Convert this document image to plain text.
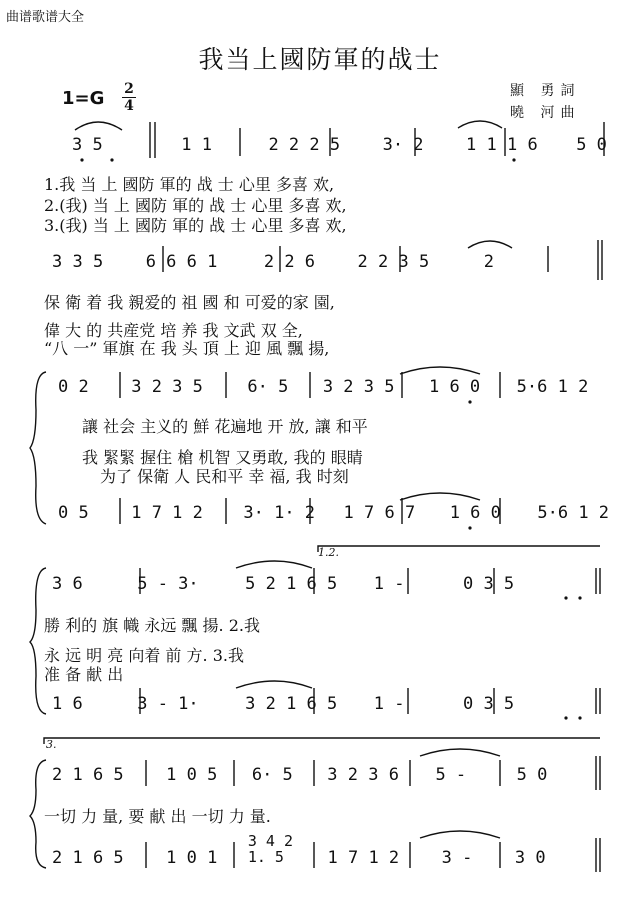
曲谱歌谱大全
我当上國防軍的战士
1=G 2
4
顯 勇詞
曉 河曲
3 5	1 1	2 2 2 5	3· 2	1 1 1 6 5 0
1.我 当 上 國防 軍的 战 士 心里 多喜 欢,
2.(我) 当 上 國防 軍的 战 士 心里 多喜 欢,
3.(我) 当 上 國防 軍的 战 士 心里 多喜 欢,
3 3 5	6 6 6 1	2 2 6	2 2 3 5	2
保 衛 着 我 親爱的 祖 國 和 可爱的家 園,
偉 大 的 共産党 培 养 我 文武 双 全,
“八 一” 軍旗 在 我 头 頂 上 迎 風 飄 揚,
0 2	3 2 3 5	6· 5 3 2 3 5 1 6 0 5·6 1 2
讓 社会 主义的 鮮 花遍地 开 放, 讓 和平
我 緊緊 握住 槍 机智 又勇敢, 我的 眼睛
为了 保衛 人 民和平 幸 福, 我 时刻
0 5	1 7 1 2 3· 1· 2 1 7 6 7 1 6 0 5·6 1 2
1.2.
3 6	5 - 3·	5 2 1 6 5 1 -	0 3 5
勝 利的 旗 幟 永远 飄 揚. 2.我
永 远 明 亮 向着 前 方. 3.我
准 备 献 出
1 6	3 - 1·	3 2 1 6 5 1 -	0 3 5
3.
2 1 6 5	1 0 5 6· 5 3 2 3 6 5 -	5 0
一切 力 量, 要 献 出 一切 力 量.
2 1 6 5	1 0 1
3 4 2
1. 5	1 7 1 2	3 -	3 0
